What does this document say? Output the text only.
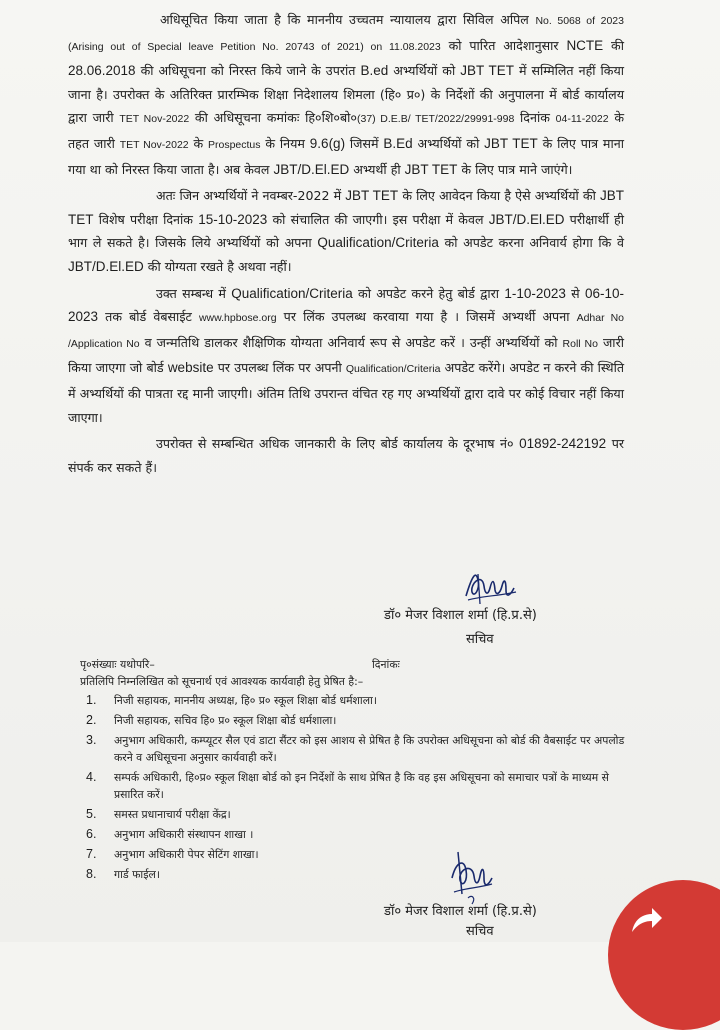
अधिसूचित किया जाता है कि माननीय उच्चतम न्यायालय द्वारा सिविल अपिल No. 5068 of 2023 (Arising out of Special leave Petition No. 20743 of 2021) on 11.08.2023 को पारित आदेशानुसार NCTE की 28.06.2018 की अधिसूचना को निरस्त किये जाने के उपरांत B.ed अभ्यर्थियों को JBT TET में सम्मिलित नहीं किया जाना है। उपरोक्त के अतिरिक्त प्रारम्भिक शिक्षा निदेशालय शिमला (हि० प्र०) के निर्देशों की अनुपालना में बोर्ड कार्यालय द्वारा जारी TET Nov-2022 की अधिसूचना कमांकः हि०शि०बो०(37) D.E.B/ TET/2022/29991-998 दिनांक 04-11-2022 के तहत जारी TET Nov-2022 के Prospectus के नियम 9.6(g) जिसमें B.Ed अभ्यर्थियों को JBT TET के लिए पात्र माना गया था को निरस्त किया जाता है। अब केवल JBT/D.El.ED अभ्यर्थी ही JBT TET के लिए पात्र माने जाएंगे।

अतः जिन अभ्यर्थियों ने नवम्बर-2022 में JBT TET के लिए आवेदन किया है ऐसे अभ्यर्थियों की JBT TET विशेष परीक्षा दिनांक 15-10-2023 को संचालित की जाएगी। इस परीक्षा में केवल JBT/D.El.ED परीक्षार्थी ही भाग ले सकते है। जिसके लिये अभ्यर्थियों को अपना Qualification/Criteria को अपडेट करना अनिवार्य होगा कि वे JBT/D.El.ED की योग्यता रखते है अथवा नहीं।

उक्त सम्बन्ध में Qualification/Criteria को अपडेट करने हेतु बोर्ड द्वारा 1-10-2023 से 06-10-2023 तक बोर्ड वेबसाईट www.hpbose.org पर लिंक उपलब्ध करवाया गया है । जिसमें अभ्यर्थी अपना Adhar No /Application No व जन्मतिथि डालकर शैक्षिणिक योग्यता अनिवार्य रूप से अपडेट करें । उन्हीं अभ्यर्थियों को Roll No जारी किया जाएगा जो बोर्ड website पर उपलब्ध लिंक पर अपनी Qualification/Criteria अपडेट करेंगे। अपडेट न करने की स्थिति में अभ्यर्थियों की पात्रता रद्द मानी जाएगी। अंतिम तिथि उपरान्त वंचित रह गए अभ्यर्थियों द्वारा दावे पर कोई विचार नहीं किया जाएगा।

उपरोक्त से सम्बन्धित अधिक जानकारी के लिए बोर्ड कार्यालय के दूरभाष नं० 01892-242192 पर संपर्क कर सकते हैं।

डॉ० मेजर विशाल शर्मा (हि.प्र.से)
सचिव
पृ०संख्याः यथोपरि–	दिनांकः
प्रतिलिपि निम्नलिखित को सूचनार्थ एवं आवश्यक कार्यवाही हेतु प्रेषित है:–
1.	निजी सहायक, माननीय अध्यक्ष, हि० प्र० स्कूल शिक्षा बोर्ड धर्मशाला।
2.	निजी सहायक, सचिव हि० प्र० स्कूल शिक्षा बोर्ड धर्मशाला।
3.	अनुभाग अधिकारी, कम्प्यूटर सैल एवं डाटा सैंटर को इस आशय से प्रेषित है कि उपरोक्त अधिसूचना को बोर्ड की वैबसाईट पर अपलोड करने व अधिसूचना अनुसार कार्यवाही करें।
4.	सम्पर्क अधिकारी, हि०प्र० स्कूल शिक्षा बोर्ड को इन निर्देशों के साथ प्रेषित है कि वह इस अधिसूचना को समाचार पत्रों के माध्यम से प्रसारित करें।
5.	समस्त प्रधानाचार्य परीक्षा केंद्र।
6.	अनुभाग अधिकारी संस्थापन शाखा ।
7.	अनुभाग अधिकारी पेपर सेटिंग शाखा।
8.	गार्ड फाईल।
डॉ० मेजर विशाल शर्मा (हि.प्र.से)
सचिव
